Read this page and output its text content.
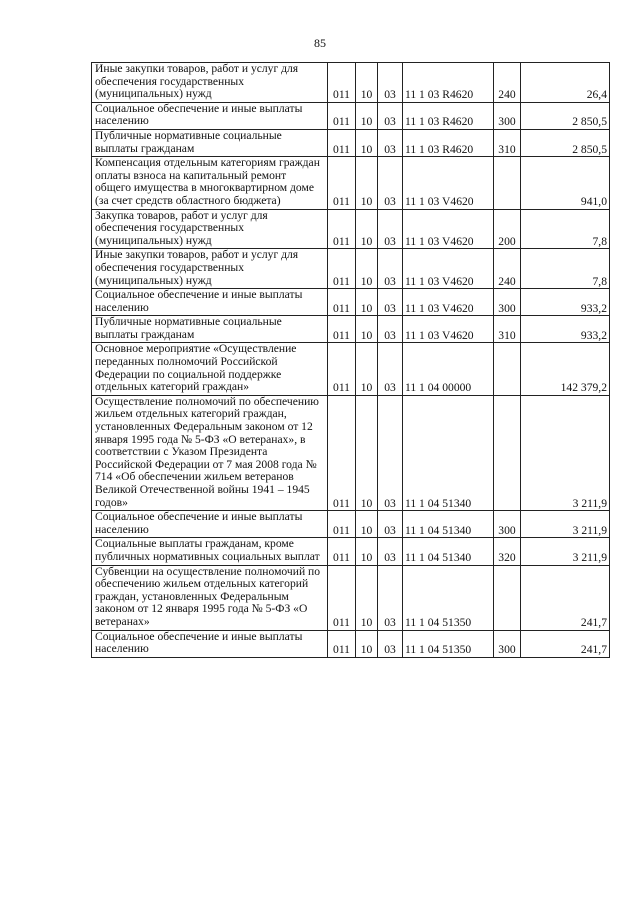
85
Иные закупки товаров, работ и услуг для обеспечения государственных (муниципальных) нужд	011	10	03	11 1 03 R4620	240	26,4
Социальное обеспечение и иные выплаты населению	011	10	03	11 1 03 R4620	300	2 850,5
Публичные нормативные социальные выплаты гражданам	011	10	03	11 1 03 R4620	310	2 850,5
Компенсация отдельным категориям граждан оплаты взноса на капитальный ремонт общего имущества в многоквартирном доме (за счет средств областного бюджета)	011	10	03	11 1 03 V4620		941,0
Закупка товаров, работ и услуг для обеспечения государственных (муниципальных) нужд	011	10	03	11 1 03 V4620	200	7,8
Иные закупки товаров, работ и услуг для обеспечения государственных (муниципальных) нужд	011	10	03	11 1 03 V4620	240	7,8
Социальное обеспечение и иные выплаты населению	011	10	03	11 1 03 V4620	300	933,2
Публичные нормативные социальные выплаты гражданам	011	10	03	11 1 03 V4620	310	933,2
Основное мероприятие «Осуществление переданных полномочий Российской Федерации по социальной поддержке отдельных категорий граждан»	011	10	03	11 1 04 00000		142 379,2
Осуществление полномочий по обеспечению жильем отдельных категорий граждан, установленных Федеральным законом от 12 января 1995 года № 5-ФЗ «О ветеранах», в соответствии с Указом Президента Российской Федерации от 7 мая 2008 года № 714 «Об обеспечении жильем ветеранов Великой Отечественной войны 1941 – 1945 годов»	011	10	03	11 1 04 51340		3 211,9
Социальное обеспечение и иные выплаты населению	011	10	03	11 1 04 51340	300	3 211,9
Социальные выплаты гражданам, кроме публичных нормативных социальных выплат	011	10	03	11 1 04 51340	320	3 211,9
Субвенции на осуществление полномочий по обеспечению жильем отдельных категорий граждан, установленных Федеральным законом от 12 января 1995 года № 5-ФЗ «О ветеранах»	011	10	03	11 1 04 51350		241,7
Социальное обеспечение и иные выплаты населению	011	10	03	11 1 04 51350	300	241,7
